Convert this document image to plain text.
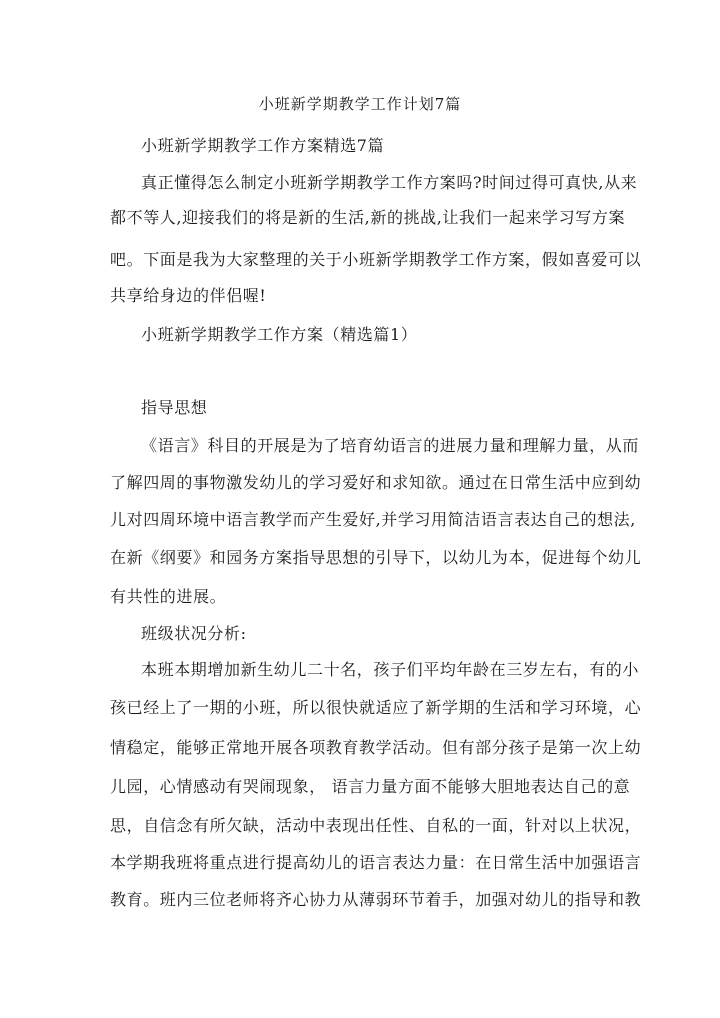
小班新学期教学工作计划7篇
小班新学期教学工作方案精选7篇
真正懂得怎么制定小班新学期教学工作方案吗?时间过得可真快,从来
都不等人,迎接我们的将是新的生活,新的挑战,让我们一起来学习写方案
吧。下面是我为大家整理的关于小班新学期教学工作方案，假如喜爱可以
共享给身边的伴侣喔!
小班新学期教学工作方案（精选篇1）
指导思想
《语言》科目的开展是为了培育幼语言的进展力量和理解力量，从而
了解四周的事物激发幼儿的学习爱好和求知欲。通过在日常生活中应到幼
儿对四周环境中语言教学而产生爱好,并学习用简洁语言表达自己的想法,
在新《纲要》和园务方案指导思想的引导下，以幼儿为本，促进每个幼儿
有共性的进展。
班级状况分析:
本班本期增加新生幼儿二十名，孩子们平均年龄在三岁左右，有的小
孩已经上了一期的小班，所以很快就适应了新学期的生活和学习环境，心
情稳定，能够正常地开展各项教育教学活动。但有部分孩子是第一次上幼
儿园，心情感动有哭闹现象， 语言力量方面不能够大胆地表达自己的意
思，自信念有所欠缺，活动中表现出任性、自私的一面，针对以上状况，
本学期我班将重点进行提高幼儿的语言表达力量：在日常生活中加强语言
教育。班内三位老师将齐心协力从薄弱环节着手，加强对幼儿的指导和教
